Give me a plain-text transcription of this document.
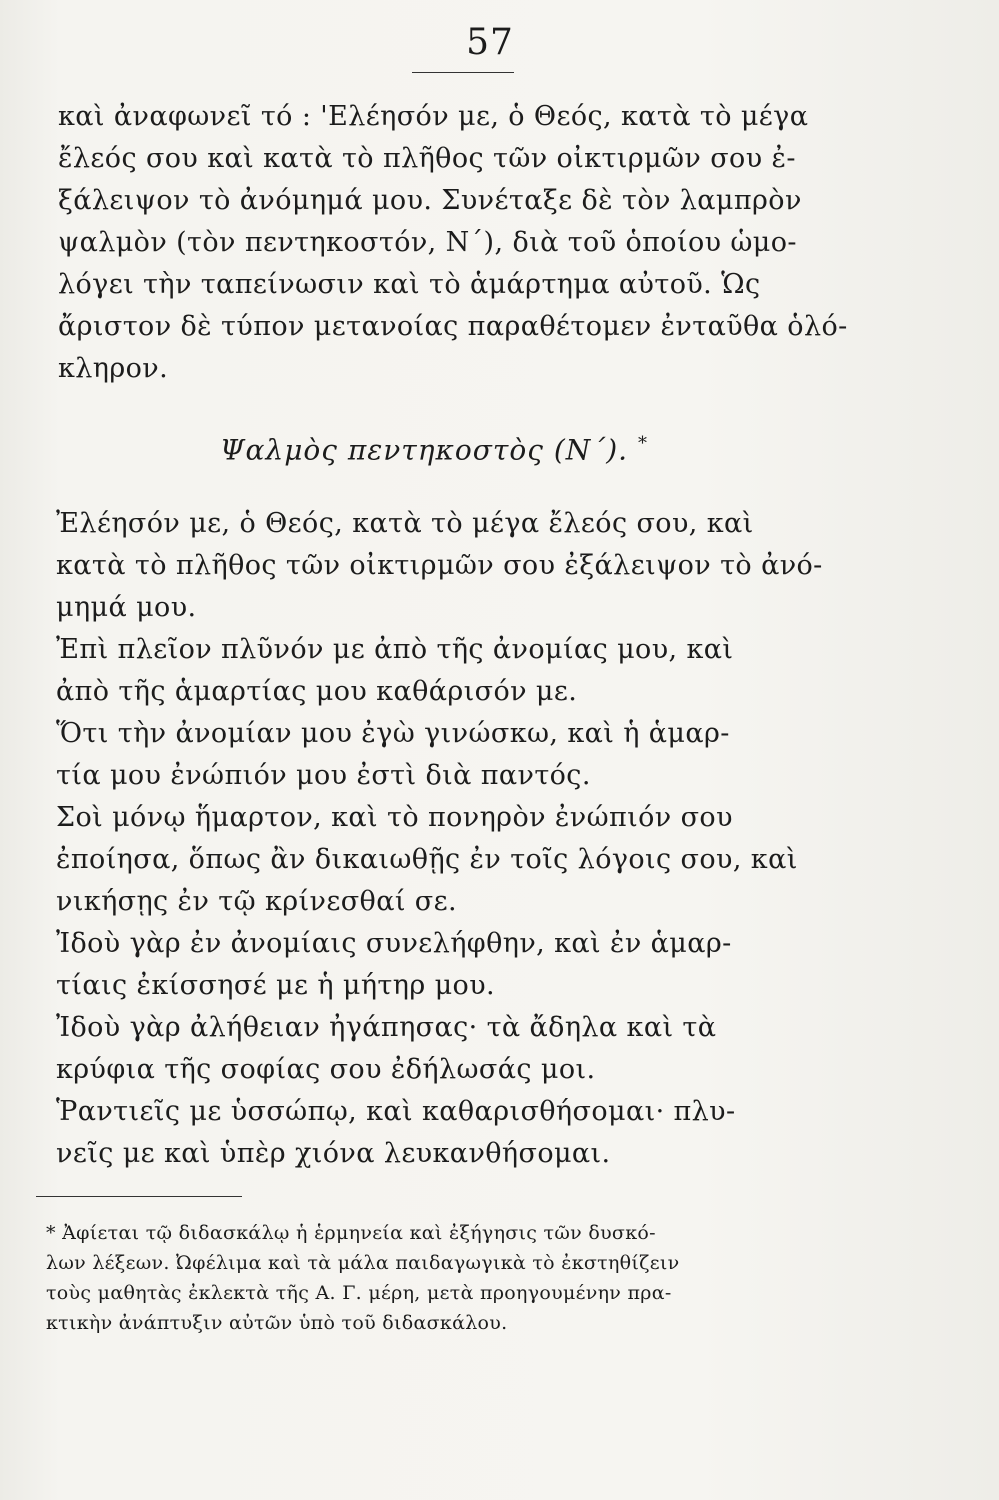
57
καὶ ἀναφωνεῖ τό : 'Ελέησόν με, ὁ Θεός, κατὰ τὸ μέγα
ἔλεός σου καὶ κατὰ τὸ πλῆθος τῶν οἰκτιρμῶν σου ἐ-
ξάλειψον τὸ ἀνόμημά μου. Συνέταξε δὲ τὸν λαμπρὸν
ψαλμὸν (τὸν πεντηκοστόν, Ν΄), διὰ τοῦ ὁποίου ὡμο-
λόγει τὴν ταπείνωσιν καὶ τὸ ἁμάρτημα αὐτοῦ. Ὡς
ἄριστον δὲ τύπον μετανοίας παραθέτομεν ἐνταῦθα ὁλό-
κληρον.
Ψαλμὸς πεντηκοστὸς (Ν΄). *
Ἐλέησόν με, ὁ Θεός, κατὰ τὸ μέγα ἔλεός σου, καὶ
κατὰ τὸ πλῆθος τῶν οἰκτιρμῶν σου ἐξάλειψον τὸ ἀνό-
μημά μου.
Ἐπὶ πλεῖον πλῦνόν με ἀπὸ τῆς ἀνομίας μου, καὶ
ἀπὸ τῆς ἁμαρτίας μου καθάρισόν με.
Ὅτι τὴν ἀνομίαν μου ἐγὼ γινώσκω, καὶ ἡ ἁμαρ-
τία μου ἐνώπιόν μου ἐστὶ διὰ παντός.
Σοὶ μόνῳ ἥμαρτον, καὶ τὸ πονηρὸν ἐνώπιόν σου
ἐποίησα, ὅπως ἂν δικαιωθῇς ἐν τοῖς λόγοις σου, καὶ
νικήσῃς ἐν τῷ κρίνεσθαί σε.
Ἰδοὺ γὰρ ἐν ἀνομίαις συνελήφθην, καὶ ἐν ἁμαρ-
τίαις ἐκίσσησέ με ἡ μήτηρ μου.
Ἰδοὺ γὰρ ἀλήθειαν ἠγάπησας· τὰ ἄδηλα καὶ τὰ
κρύφια τῆς σοφίας σου ἐδήλωσάς μοι.
Ῥαντιεῖς με ὑσσώπῳ, καὶ καθαρισθήσομαι· πλυ-
νεῖς με καὶ ὑπὲρ χιόνα λευκανθήσομαι.
* Ἀφίεται τῷ διδασκάλῳ ἡ ἑρμηνεία καὶ ἐξήγησις τῶν δυσκό-
λων λέξεων. Ὠφέλιμα καὶ τὰ μάλα παιδαγωγικὰ τὸ ἐκστηθίζειν
τοὺς μαθητὰς ἐκλεκτὰ τῆς Α. Γ. μέρη, μετὰ προηγουμένην πρα-
κτικὴν ἀνάπτυξιν αὐτῶν ὑπὸ τοῦ διδασκάλου.
